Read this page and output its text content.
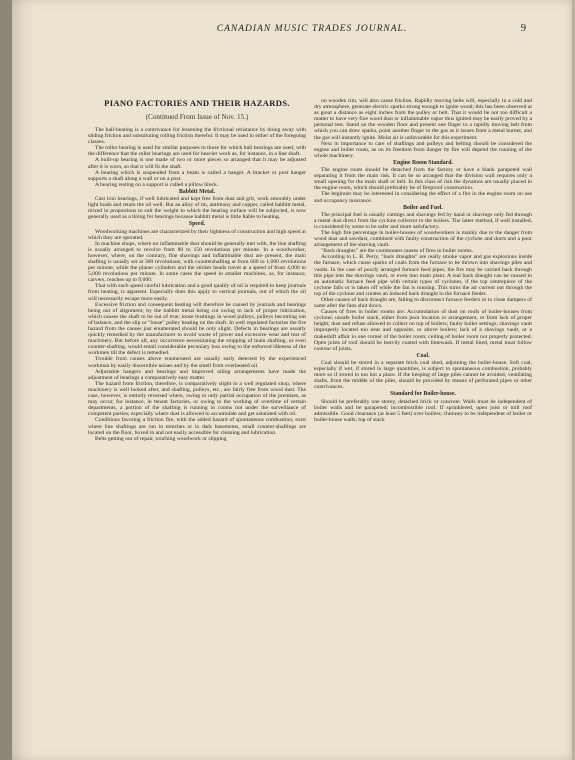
CANADIAN MUSIC TRADES JOURNAL.	9
PIANO FACTORIES AND THEIR HAZARDS.
(Continued From Issue of Nov. 15.)

The ball-bearing is a contrivance for lessening the frictional resistance by doing away with sliding friction and substituting rolling friction therefor. It may be used in either of the foregoing classes.

The roller bearing is used for similar purposes to those for which ball bearings are used, with the difference that the roller bearings are used for heavier work as, for instance, in a line shaft.

A built-up bearing is one made of two or more pieces so arranged that it may be adjusted after it is worn, so that it will fit the shaft.

A bearing which is suspended from a beam is called a hanger. A bracket or post hanger supports a shaft along a wall or on a post.

A bearing resting on a support is called a pillow block.

Babbitt Metal.

Cast iron bearings, if well lubricated and kept free from dust and grit, work smoothly under light loads and retain the oil well. But an alloy of tin, antimony and copper, called babbitt metal, mixed in proportions to suit the weight to which the bearing surface will be subjected, is now generally used as a lining for bearings because babbitt metal is little liable to heating.

Speed.

Woodworking machines are characterized by their lightness of construction and high speed at which they are operated.

In machine shops, where no inflammable dust should be generally met with, the line shafting is usually arranged to revolve from 80 to 150 revolutions per minute. In a woodworker, however, where, on the contrary, fine shavings and inflammable dust are present, the main shafting is usually set at 300 revolutions, with countershafting at from 600 to 1,000 revolutions per minute, while the planer cylinders and the sticker heads travel at a speed of from 4,000 to 5,000 revolutions per minute. In some cases the speed in smaller machines, as, for instance, carvers, reaches up to 9,000.

That with such speed careful lubrication and a good quality of oil is required to keep journals from heating, is apparent. Especially does this apply to vertical journals, out of which the oil will necessarily escape more easily.

Excessive friction and consequent heating will therefore be caused by journals and bearings being out of alignment; by the babbitt metal being cut owing to lack of proper lubrication, which causes the shaft to be out of true; loose bushings in wood pulleys, pulleys becoming out of balance, and the slip or "loose" pulley heating on the shaft. In well regulated factories the fire hazard from the causes just enumerated should be only slight. Defects in bearings are usually quickly remedied by the manufacturer to avoid waste of power and excessive wear and tear of machinery. But before all, any occurrence necessitating the stopping of main shafting, or even counter-shafting, would entail considerable pecuniary loss owing to the enforced idleness of the workmen till the defect is remedied.

Trouble from causes above enumerated are usually early detected by the experienced workman by easily discernible noises and by the smell from overheated oil.

Adjustable hangers and bearings and improved oiling arrangements have made the adjustment of bearings a comparatively easy matter.

The hazard from friction, therefore, is comparatively slight in a well regulated shop, where machinery is well looked after, and shafting, pulleys, etc., are fairly free from wood dust. The case, however, is entirely reversed where, owing to only partial occupation of the premises, as may occur, for instance, in tenant factories, or owing to the working of overtime of certain departments, a portion of the shafting is running in rooms not under the surveillance of competent parties; especially where dust is allowed to accumulate and get saturated with oil.

Conditions favoring a friction fire, with the added hazard of spontaneous combustion, exist where line shaftings are run in trenches or in dark basements, small counter-shaftings are located on the floor, boxed in and not easily accessible for cleaning and lubrication.

Belts getting out of repair, touching woodwork or slipping

on wooden rim, will also cause friction. Rapidly moving belts will, especially in a cold and dry atmosphere, generate electric sparks strong enough to ignite wood; this has been observed at as great a distance as eight inches from the pulley or belt. That it would be not too difficult a matter to have very fine wood dust or inflammable vapor thus ignited may be easily proved by a personal test. Stand on the wooden floor and present one finger to a rapidly moving belt from which you can draw sparks, point another finger to the gas as it issues from a metal burner, and the gas will instantly ignite. Moist air is unfavorable for this experiment.

Next in importance to care of shaftings and pulleys and belting should be considered the engine and boiler room, as on its freedom from danger by fire will depend the running of the whole machinery.

Engine Room Standard.

The engine room should be detached from the factory or have a blank parapeted wall separating it from the main risk. It can be so arranged that the division wall requires only a small opening for the main shaft or belt. In this class of risk the dynamos are usually placed in the engine room, which should preferably be of fireproof construction.

The beginner may be interested in considering the effect of a fire in the engine room on use and occupancy insurance.

Boiler and Fuel.

The principal fuel is usually cuttings and shavings fed by hand or shavings only fed through a metal dust direct from the cyclone collector to the boilers. The latter method, if well installed, is considered by some to be safer and more satisfactory.

The high fire percentage in boiler-houses of woodworkers is mainly due to the danger from wood dust and sawdust, combined with faulty construction of the cyclone and ducts and a poor arrangement of the shaving vault.

"Back draughts" are the commonest causes of fires in boiler rooms.

According to L. B. Perry, "back draughts" are really smoke vapor and gas explosions inside the furnace, which cause sparks of coals from the furnace to be thrown into shavings piles and vaults. In the case of poorly arranged furnace feed pipes, the fire may be carried back through this pipe into the shavings vault, or even into main plant. A real back draught can be caused in an automatic furnace feed pipe with certain types of cyclones, if the top centrepiece of the cyclone falls or is taken off while the fan is running. This turns the air current out through the top of the cyclone and creates an induced back draught in the furnace feeder.

Other causes of back draught are, failing to disconnect furnace feeders or to close dampers of same after the fans shut down.

Causes of fires in boiler rooms are: Accumulation of dust on roofs of boiler-houses from cyclone; unsafe boiler stack, either from poor location or arrangement, or from lack of proper height; dust and refuse allowed to collect on top of boilers; faulty boiler settings; shavings vault improperly located too near and opposite, or above boilers; lack of a shavings vault, or a makeshift affair in one corner of the boiler room; ceiling of boiler room not properly protected. Open joists of roof should be heavily coated with limewash. If metal lined, metal must follow contour of joists.

Coal.

Coal should be stored in a separate brick coal shed, adjoining the boiler-house. Soft coal, especially if wet, if stored in large quantities, is subject to spontaneous combustion, probably more so if stored in too hot a place. If the keeping of large piles cannot be avoided, ventilating shafts, from the middle of the piles, should be provided by means of perforated pipes or other contrivances.

Standard for Boiler-house.

Should be preferably one storey, detached brick or concrete. Walls must be independent of boiler walls and be parapeted; incombustible roof. If sprinklered, open joist or mill roof admissible. Good clearance (at least 5 feet) over boilers; chimney to be independent of boiler or boiler-house walls; top of stack
